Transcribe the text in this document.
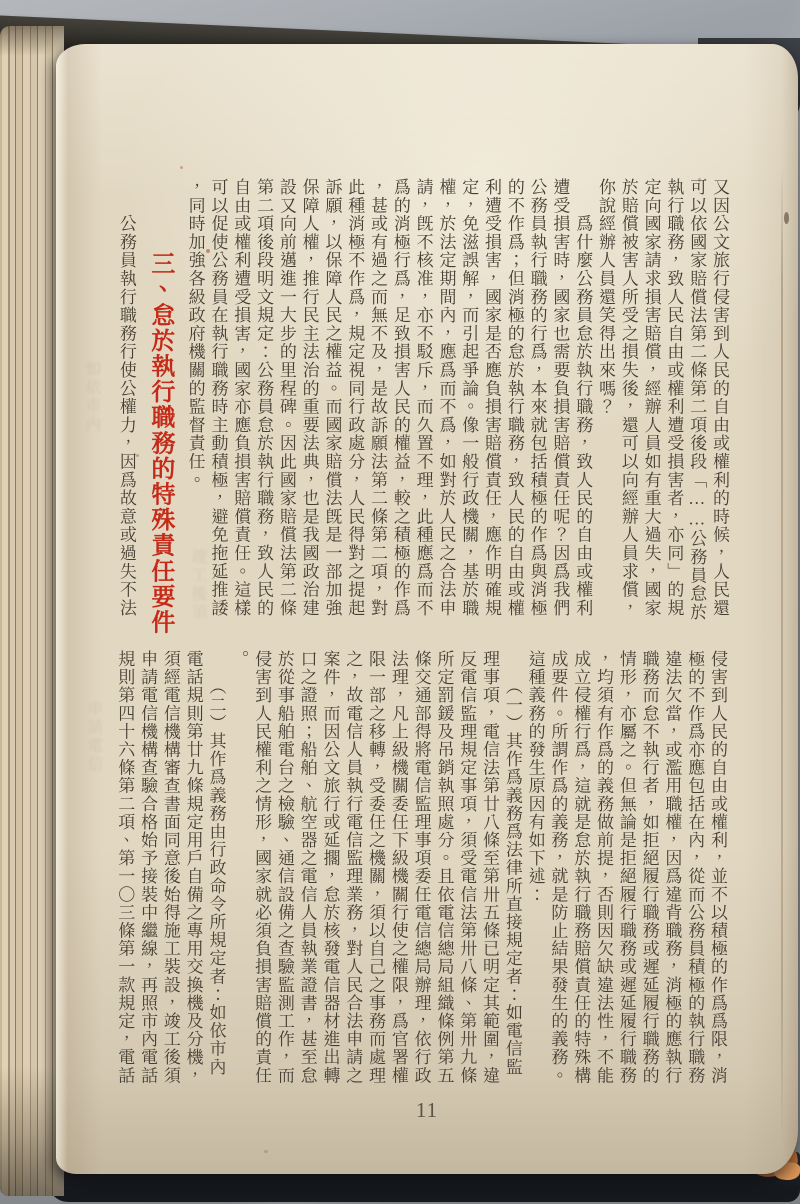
如依市內
申請電信
竣工後須	又因公文旅行侵害到人民的自由或權利的時候，人民還
可以依國家賠償法第二條第二項後段「……公務員怠於
執行職務，致人民自由或權利遭受損害者，亦同」的規
定向國家請求損害賠償，經辦人員如有重大過失，國家
於賠償被害人所受之損失後，還可以向經辦人員求償，
你說經辦人員還笑得出來嗎？
　　爲什麼公務員怠於執行職務，致人民的自由或權利
遭受損害時，國家也需要負損害賠償責任呢？因爲我們
公務員執行職務的行爲，本來就包括積極的作爲與消極
的不作爲；但消極的怠於執行職務，致人民的自由或權
利遭受損害，國家是否應負損害賠償責任，應作明確規
定，免滋誤解，而引起爭論。像一般行政機關，基於職
權，於法定期間內，應爲而不爲，如對於人民之合法申
請，旣不核准，亦不駁斥，而久置不理，此種應爲而不
爲的消極行爲，足致損害人民的權益，較之積極的作爲
，甚或有過之而無不及，是故訴願法第二條第二項，對
此種消極不作爲，規定視同行政處分，人民得對之提起
訴願，以保障人民之權益。而國家賠償法旣是一部加強
保障人權，推行民主法治的重要法典，也是我國政治建
設又向前邁進一大步的里程碑。因此國家賠償法第二條
第二項後段明文規定：公務員怠於執行職務，致人民的
自由或權利遭受損害，國家亦應負損害賠償責任。這樣
可以促使公務員在執行職務時主動積極，避免拖延推諉
，同時加強各級政府機關的監督責任。
三、怠於執行職務的特殊責任要件
　　公務員執行職務行使公權力，因爲故意或過失不法
侵害到人民的自由或權利，並不以積極的作爲爲限，消
極的不作爲亦應包括在內，從而公務員積極的執行職務
違法欠當，或濫用職權，因爲違背職務，消極的應執行
職務而怠不執行者，如拒絕履行職務或遲延履行職務的
情形，亦屬之。但無論是拒絕履行職務或遲延履行職務
，均須有作爲的義務做前提，否則因欠缺違法性，不能
成立侵權行爲，這就是怠於執行職務賠償責任的特殊構
成要件。所謂作爲的義務，就是防止結果發生的義務。
這種義務的發生原因有如下述：
　　（一）其作爲義務爲法律所直接規定者：如電信監
理事項，電信法第廿八條至第卅五條已明定其範圍，違
反電信監理規定事項，須受電信法第卅八條、第卅九條
所定罰鍰及吊銷執照處分。且依電信總局組織條例第五
條交通部得將電信監理事項委任電信總局辦理，依行政
法理，凡上級機關委任下級機關行使之權限，爲官署權
限一部之移轉，受委任之機關，須以自己之事務而處理
之，故電信人員執行電信監理業務，對人民合法申請之
案件，而因公文旅行或延擱，怠於核發電信器材進出轉
口之證照；船舶、航空器之電信人員執業證書，甚至怠
於從事船舶電台之檢驗、通信設備之查驗監測工作，而
侵害到人民權利之情形，國家就必須負損害賠償的責任
。
　　（二）其作爲義務由行政命令所規定者：如依市內
電話規則第廿九條規定用戶自備之專用交換機及分機，
須經電信機構審查書面同意後始得施工裝設，竣工後須
申請電信機構查驗合格始予接裝中繼線，再照市內電話
規則第四十六條第二項、第一〇三條第一款規定，電話
11
